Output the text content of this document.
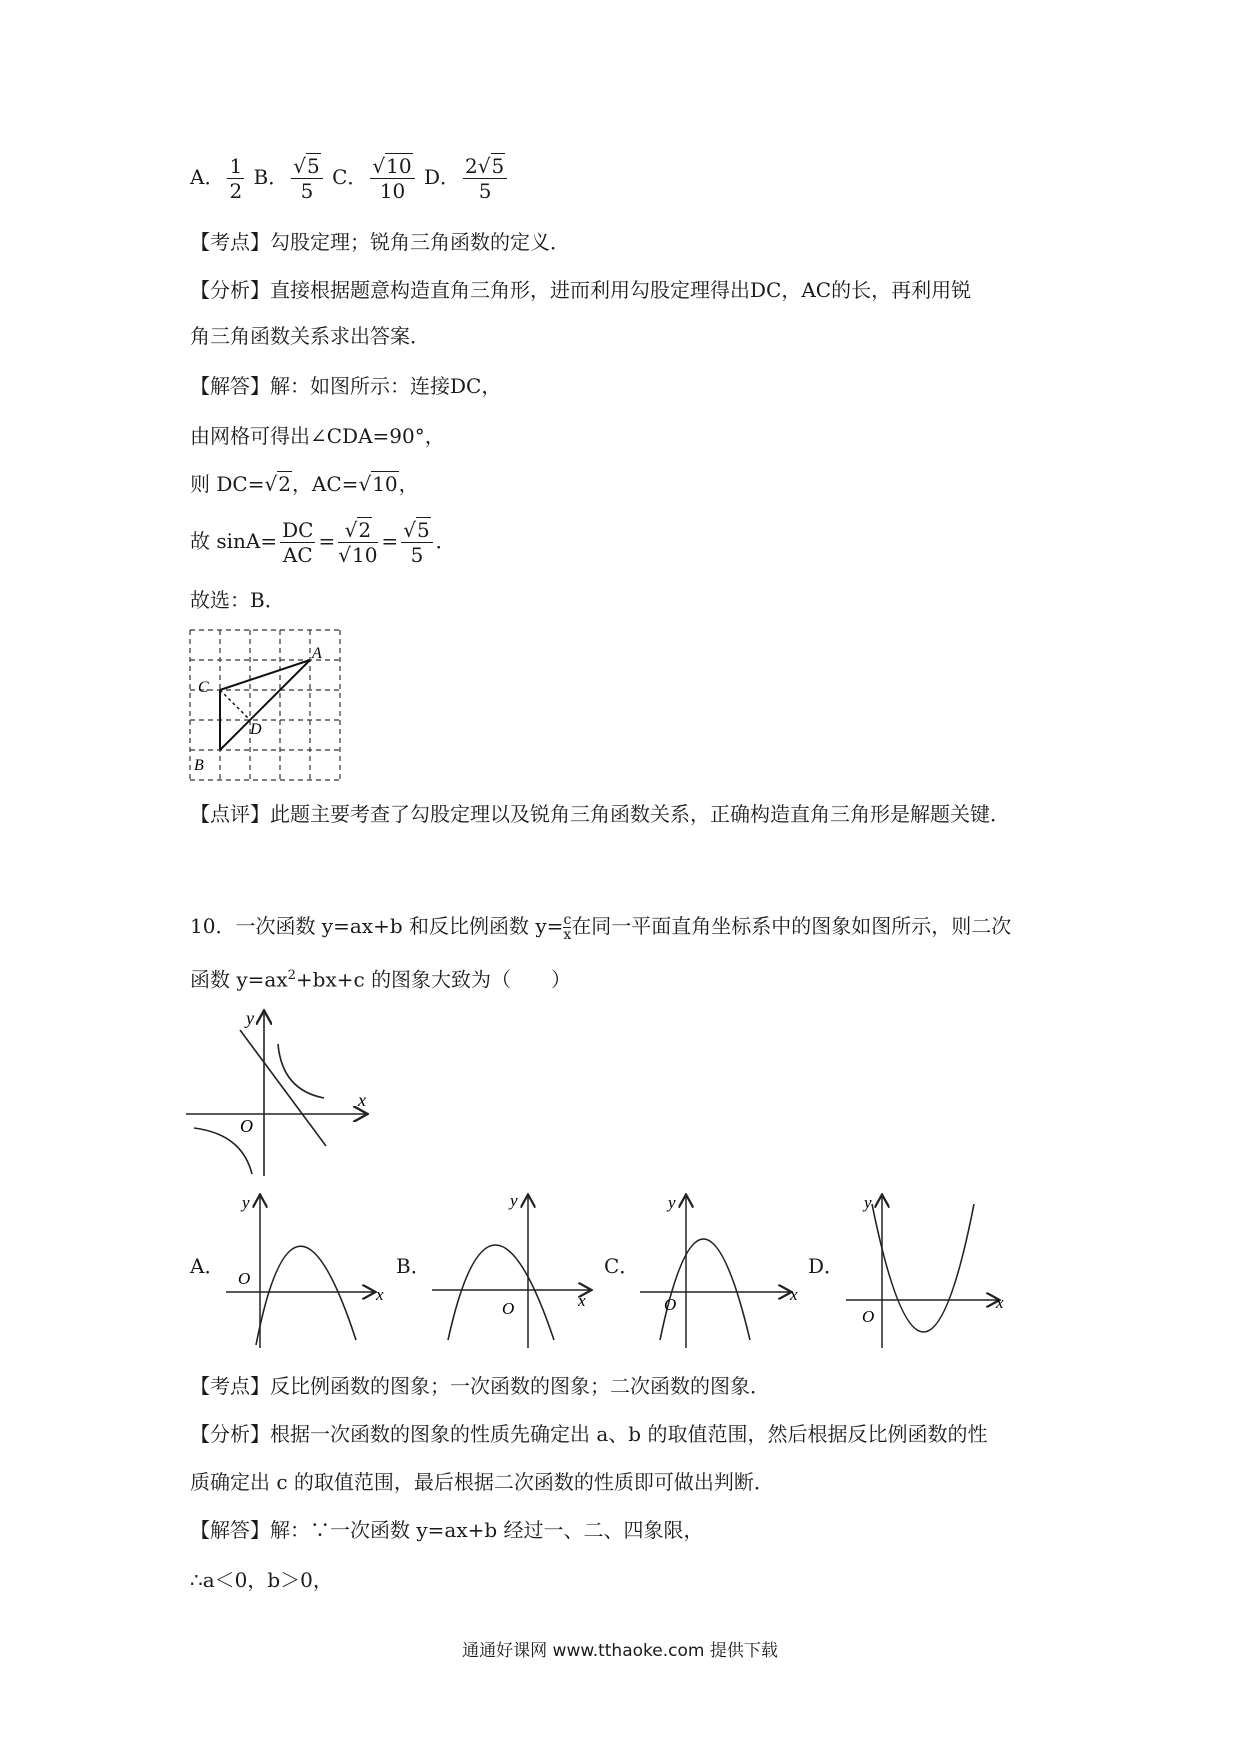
A． $\frac{1}{2}$ B． $\frac{√5}{5}$ C． $\frac{√10}{10}$ D． $\frac{2√5}{5}$
【考点】勾股定理；锐角三角函数的定义．
【分析】直接根据题意构造直角三角形，进而利用勾股定理得出DC，AC的长，再利用锐
角三角函数关系求出答案．
【解答】解：如图所示：连接DC，
由网格可得出∠CDA=90°，
则 DC=√2，AC=√10，
故 $\sin A= \frac{DC}{AC} = \frac{√2}{√10} = \frac{√5}{5}$ ．
故选：B．
A
C
D
B
【点评】此题主要考查了勾股定理以及锐角三角函数关系，正确构造直角三角形是解题关键．
10．一次函数 y=ax+b 和反比例函数 $y= \frac{c}{x}$ 在同一平面直角坐标系中的图象如图所示，则二次
函数 $y=ax^2+bx+c$ 的图象大致为（　　）
x
y
O
A．	B．	C．	D．
x
y
O
x
y
O
x
y
O	x
y
O
【考点】反比例函数的图象；一次函数的图象；二次函数的图象．
【分析】根据一次函数的图象的性质先确定出 a、b 的取值范围，然后根据反比例函数的性
质确定出 c 的取值范围，最后根据二次函数的性质即可做出判断．
【解答】解：∵一次函数 y=ax+b 经过一、二、四象限，
∴a＜0，b＞0，
通通好课网 www.tthaoke.com 提供下载
